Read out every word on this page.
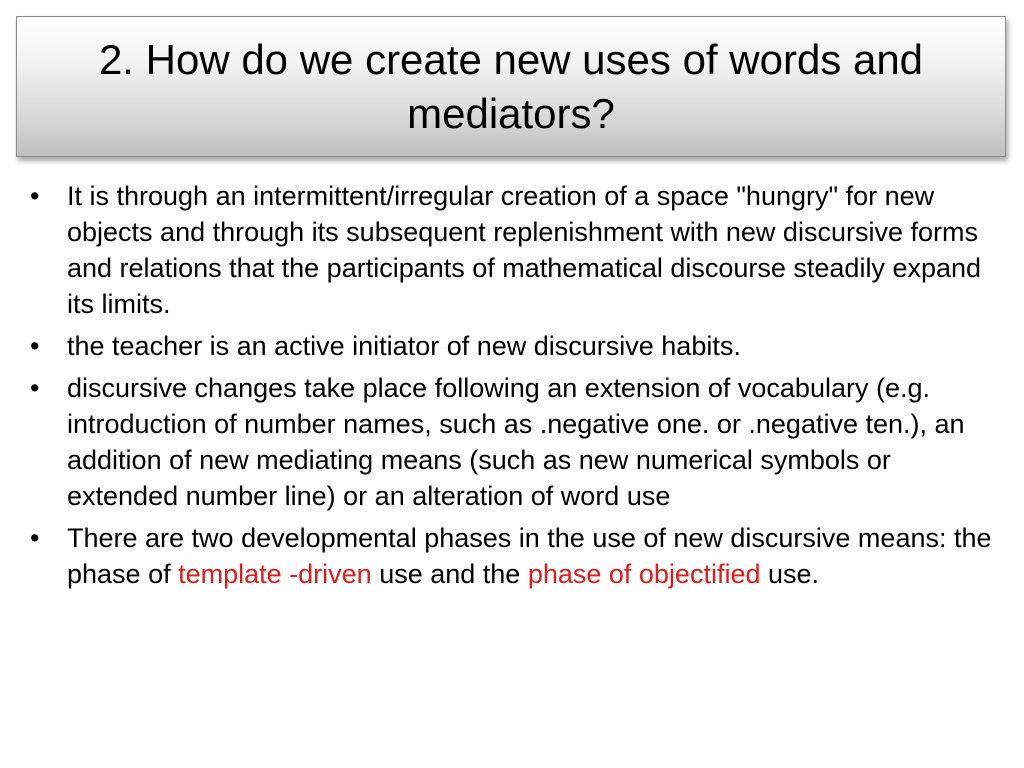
2. How do we create new uses of words and mediators?
• It is through an intermittent/irregular creation of a space "hungry" for new objects and through its subsequent replenishment with new discursive forms and relations that the participants of mathematical discourse steadily expand its limits.
• the teacher is an active initiator of new discursive habits.
• discursive changes take place following an extension of vocabulary (e.g. introduction of number names, such as .negative one. or .negative ten.), an addition of new mediating means (such as new numerical symbols or extended number line) or an alteration of word use
• There are two developmental phases in the use of new discursive means: the phase of template -driven use and the phase of objectified use.
